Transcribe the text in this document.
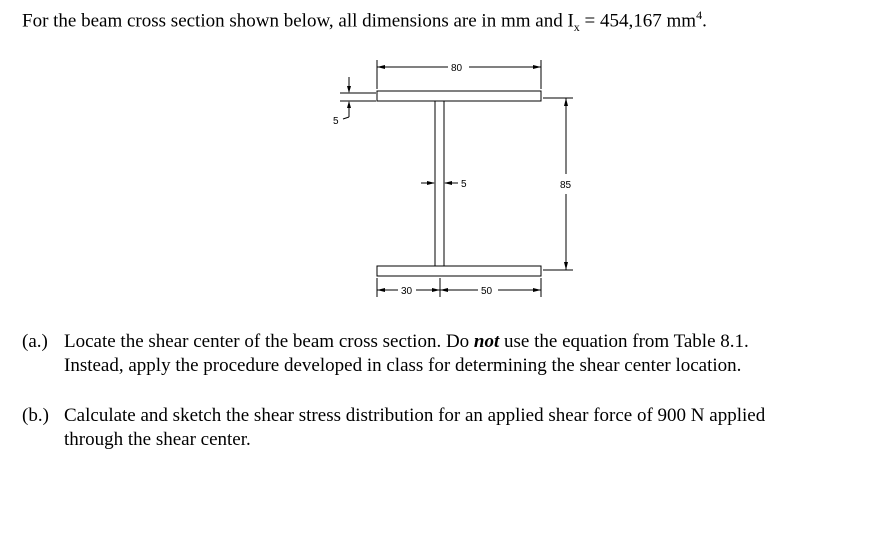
For the beam cross section shown below, all dimensions are in mm and $I_x = 454,167$ $mm^4$.
80
85
5
5
30	50
(a.) Locate the shear center of the beam cross section. Do not use the equation from Table 8.1.
Instead, apply the procedure developed in class for determining the shear center location.
(b.) Calculate and sketch the shear stress distribution for an applied shear force of 900 N applied
through the shear center.
